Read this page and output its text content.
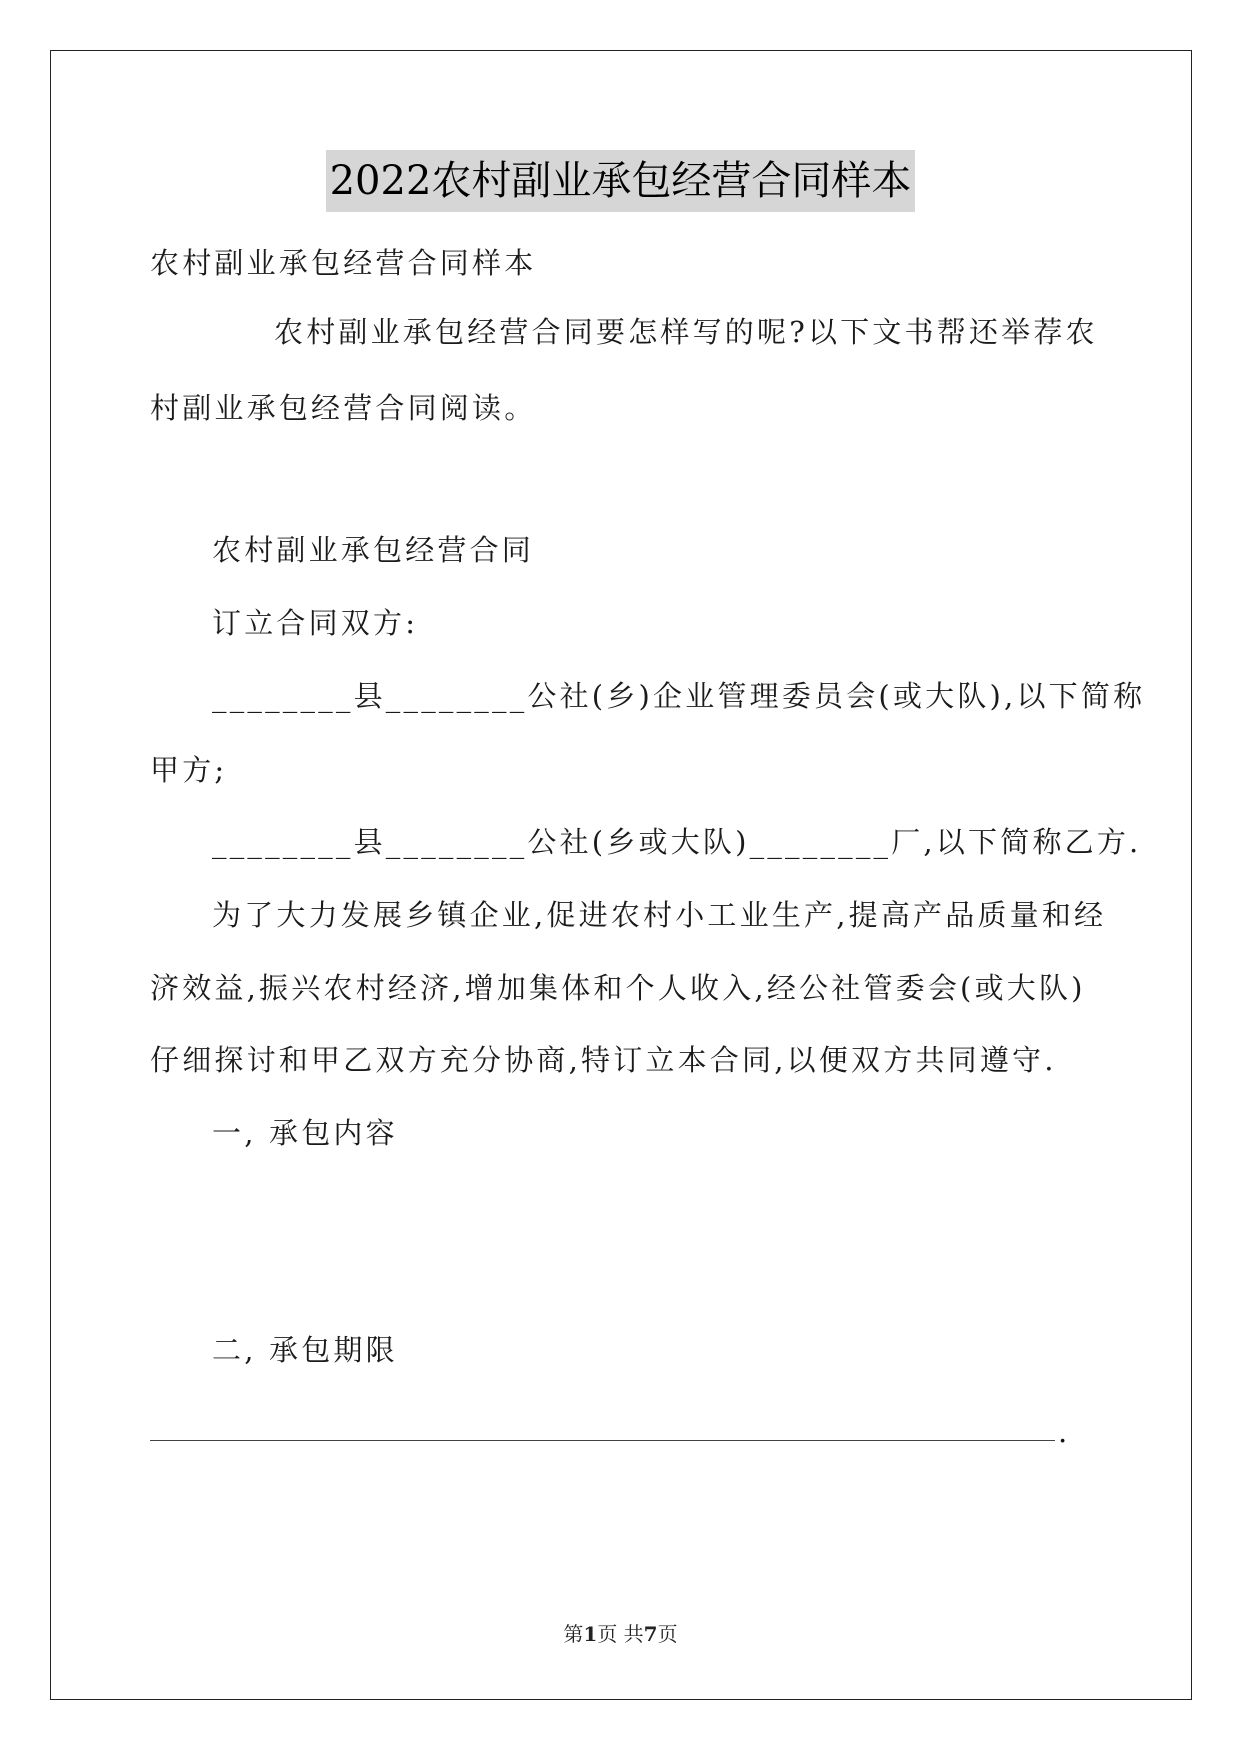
2022农村副业承包经营合同样本
农村副业承包经营合同样本
农村副业承包经营合同要怎样写的呢?以下文书帮还举荐农
村副业承包经营合同阅读。
农村副业承包经营合同
订立合同双方:
________县________公社(乡)企业管理委员会(或大队),以下简称
甲方;
________县________公社(乡或大队)________厂,以下简称乙方.
为了大力发展乡镇企业,促进农村小工业生产,提高产品质量和经
济效益,振兴农村经济,增加集体和个人收入,经公社管委会(或大队)
仔细探讨和甲乙双方充分协商,特订立本合同,以便双方共同遵守.
一, 承包内容
.
二, 承包期限
第1页 共7页
